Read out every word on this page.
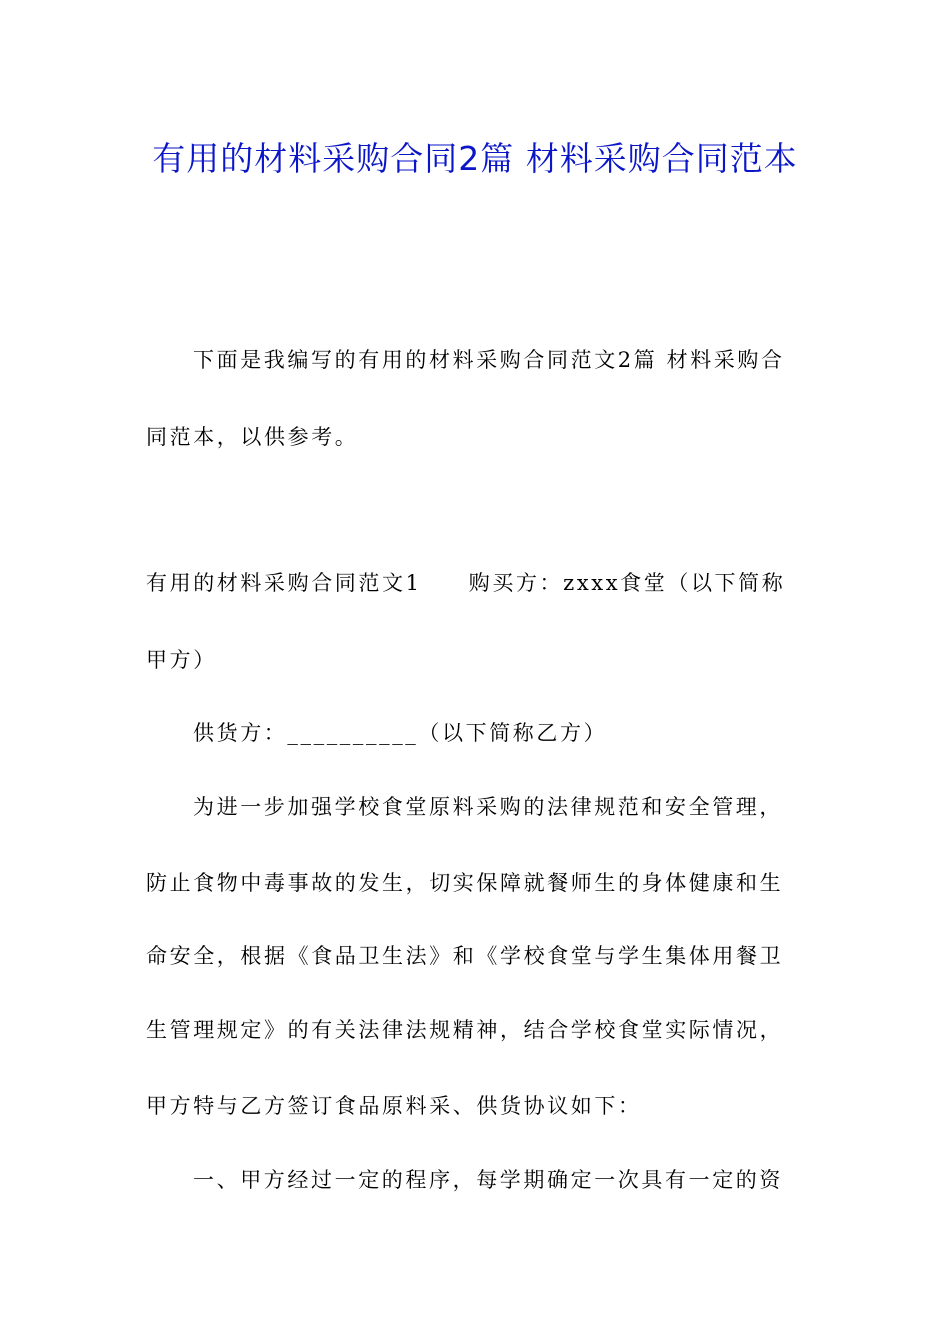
有用的材料采购合同2篇 材料采购合同范本

下面是我编写的有用的材料采购合同范文2篇 材料采购合

同范本，以供参考。

有用的材料采购合同范文1　　购买方：zxxx食堂（以下简称

甲方）

供货方：__________（以下简称乙方）

为进一步加强学校食堂原料采购的法律规范和安全管理，

防止食物中毒事故的发生，切实保障就餐师生的身体健康和生

命安全，根据《食品卫生法》和《学校食堂与学生集体用餐卫

生管理规定》的有关法律法规精神，结合学校食堂实际情况，

甲方特与乙方签订食品原料采、供货协议如下：

一、甲方经过一定的程序，每学期确定一次具有一定的资
